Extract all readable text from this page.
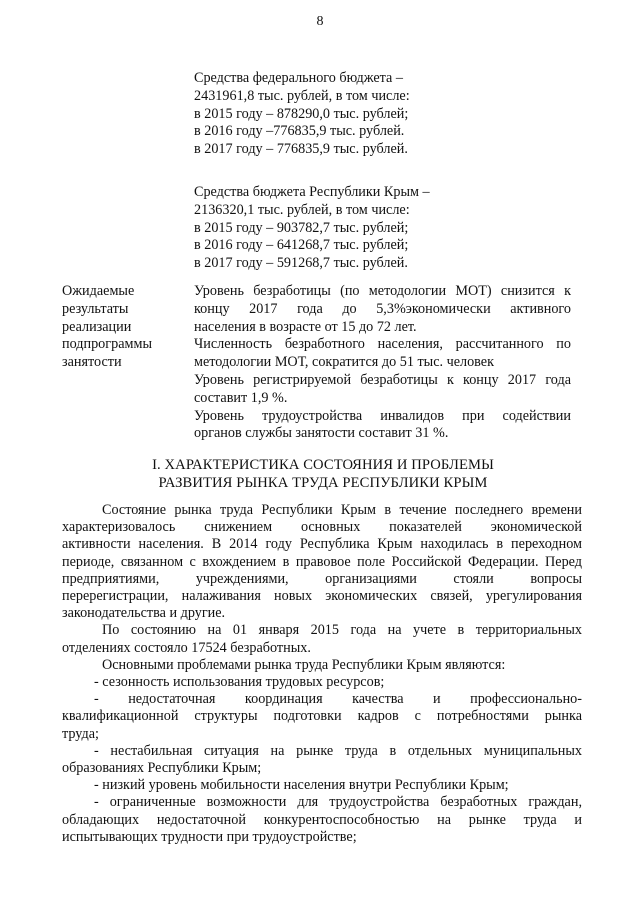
8
Средства федерального бюджета –
2431961,8 тыс. рублей, в том числе:
в 2015 году – 878290,0 тыс. рублей;
в 2016 году –776835,9 тыс. рублей.
в 2017 году – 776835,9 тыс. рублей.
Средства бюджета Республики Крым –
2136320,1 тыс. рублей, в том числе:
в 2015 году – 903782,7 тыс. рублей;
в 2016 году – 641268,7 тыс. рублей;
в 2017 году – 591268,7 тыс. рублей.
Ожидаемые
результаты
реализации
подпрограммы
занятости
Уровень безработицы (по методологии МОТ) снизится к
концу 2017 года до 5,3%экономически активного
населения в возрасте от 15 до 72 лет.
Численность безработного населения, рассчитанного по
методологии МОТ, сократится до 51 тыс. человек
Уровень регистрируемой безработицы к концу 2017 года
составит 1,9 %.
Уровень трудоустройства инвалидов при содействии
органов службы занятости составит 31 %.
I. ХАРАКТЕРИСТИКА СОСТОЯНИЯ И ПРОБЛЕМЫ
РАЗВИТИЯ РЫНКА ТРУДА РЕСПУБЛИКИ КРЫМ
Состояние рынка труда Республики Крым в течение последнего времени
характеризовалось снижением основных показателей экономической
активности населения. В 2014 году Республика Крым находилась в переходном
периоде, связанном с вхождением в правовое поле Российской Федерации. Перед
предприятиями, учреждениями, организациями стояли вопросы
перерегистрации, налаживания новых экономических связей, урегулирования
законодательства и другие.
По состоянию на 01 января 2015 года на учете в территориальных
отделениях состояло 17524 безработных.
Основными проблемами рынка труда Республики Крым являются:
- сезонность использования трудовых ресурсов;
- недостаточная координация качества и профессионально-
квалификационной структуры подготовки кадров с потребностями рынка
труда;
- нестабильная ситуация на рынке труда в отдельных муниципальных
образованиях Республики Крым;
- низкий уровень мобильности населения внутри Республики Крым;
- ограниченные возможности для трудоустройства безработных граждан,
обладающих недостаточной конкурентоспособностью на рынке труда и
испытывающих трудности при трудоустройстве;
